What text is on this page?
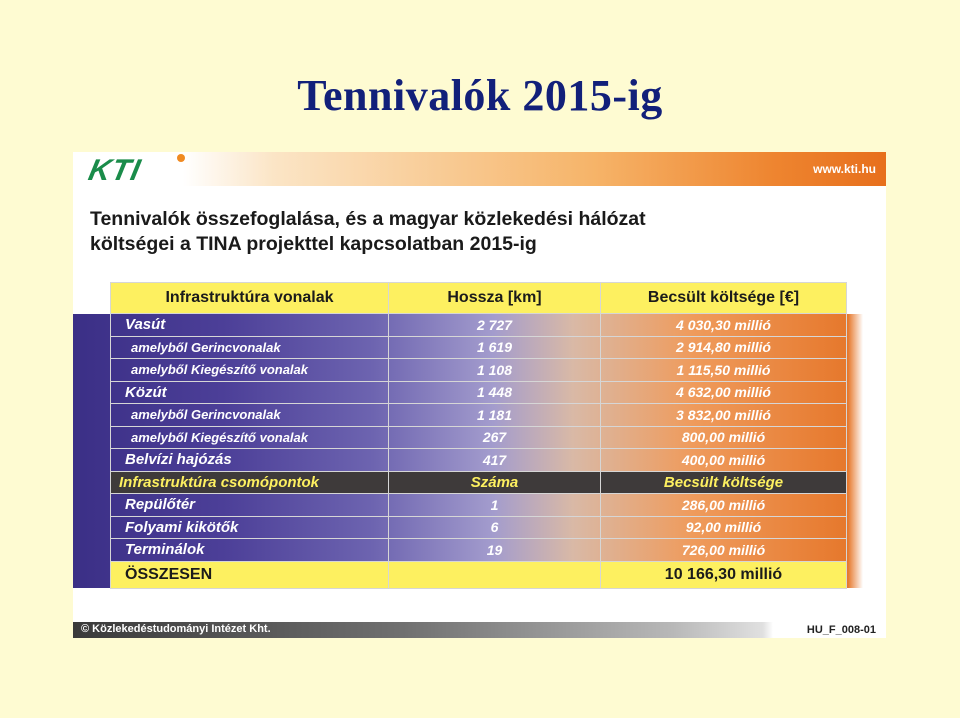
Tennivalók 2015-ig
KTI	www.kti.hu
Tennivalók összefoglalása, és a magyar közlekedési hálózat
költségei a TINA projekttel kapcsolatban 2015-ig
Infrastruktúra vonalak	Hossza [km]	Becsült költsége [€]
Vasút	2 727	4 030,30 millió
amelyből Gerincvonalak	1 619	2 914,80 millió
amelyből Kiegészítő vonalak	1 108	1 115,50 millió
Közút	1 448	4 632,00 millió
amelyből Gerincvonalak	1 181	3 832,00 millió
amelyből Kiegészítő vonalak	267	800,00 millió
Belvízi hajózás	417	400,00 millió
Infrastruktúra csomópontok	Száma	Becsült költsége
Repülőtér	1	286,00 millió
Folyami kikötők	6	92,00 millió
Terminálok	19	726,00 millió
ÖSSZESEN		10 166,30 millió
© Közlekedéstudományi Intézet Kht.	HU_F_008-01
